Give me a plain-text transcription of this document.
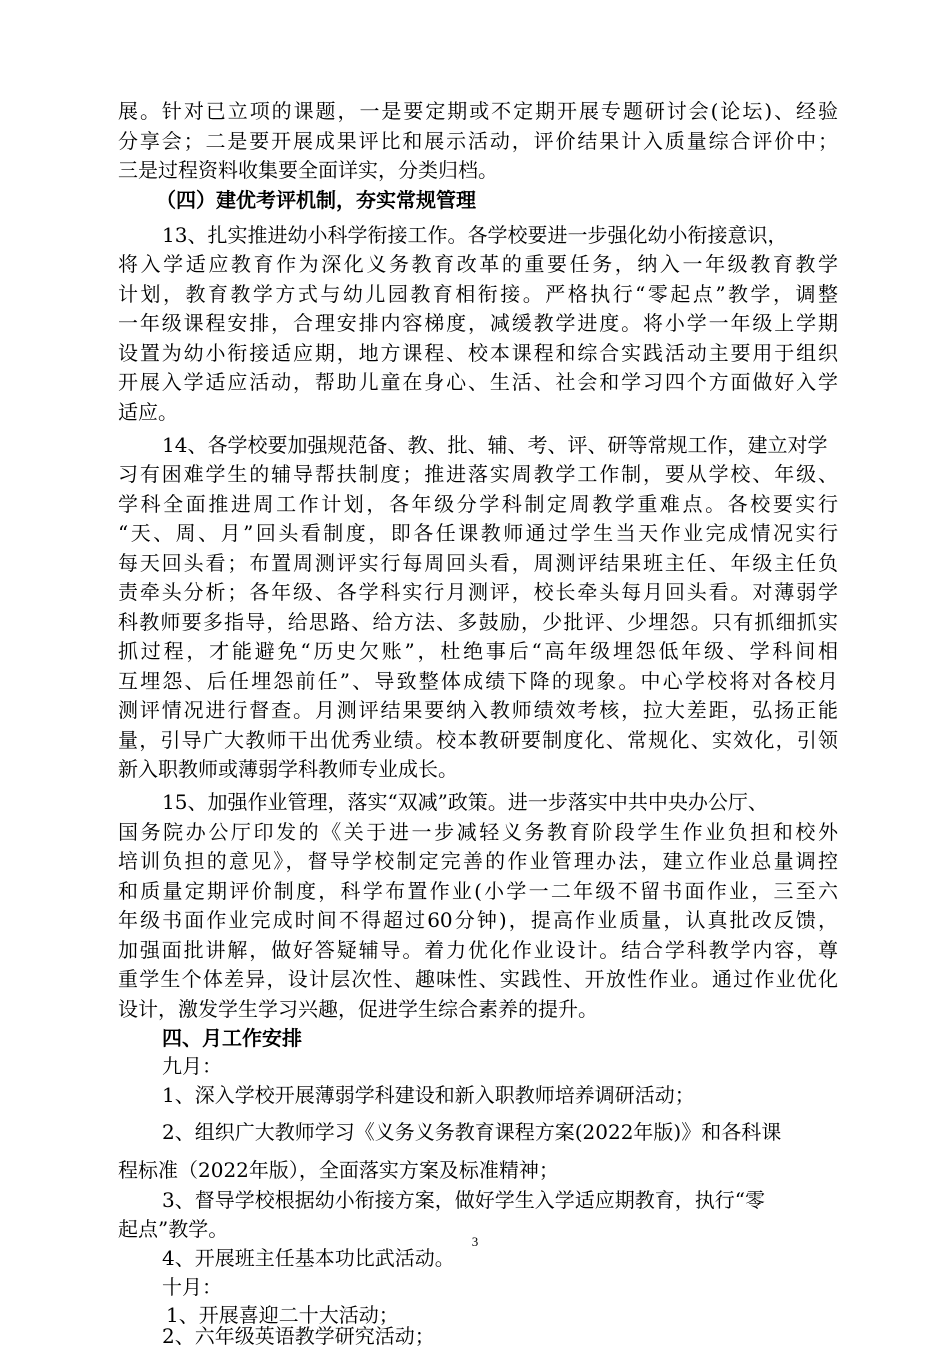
展。针对已立项的课题，一是要定期或不定期开展专题研讨会(论坛)、经验
分享会；二是要开展成果评比和展示活动，评价结果计入质量综合评价中；
三是过程资料收集要全面详实，分类归档。
（四）建优考评机制，夯实常规管理
13、扎实推进幼小科学衔接工作。各学校要进一步强化幼小衔接意识，
将入学适应教育作为深化义务教育改革的重要任务，纳入一年级教育教学
计划，教育教学方式与幼儿园教育相衔接。严格执行“零起点”教学，调整
一年级课程安排，合理安排内容梯度，减缓教学进度。将小学一年级上学期
设置为幼小衔接适应期，地方课程、校本课程和综合实践活动主要用于组织
开展入学适应活动，帮助儿童在身心、生活、社会和学习四个方面做好入学
适应。
14、各学校要加强规范备、教、批、辅、考、评、研等常规工作，建立对学
习有困难学生的辅导帮扶制度；推进落实周教学工作制，要从学校、年级、
学科全面推进周工作计划，各年级分学科制定周教学重难点。各校要实行
“天、周、月”回头看制度，即各任课教师通过学生当天作业完成情况实行
每天回头看；布置周测评实行每周回头看，周测评结果班主任、年级主任负
责牵头分析；各年级、各学科实行月测评，校长牵头每月回头看。对薄弱学
科教师要多指导，给思路、给方法、多鼓励，少批评、少埋怨。只有抓细抓实
抓过程，才能避免“历史欠账”，杜绝事后“高年级埋怨低年级、学科间相
互埋怨、后任埋怨前任”、导致整体成绩下降的现象。中心学校将对各校月
测评情况进行督查。月测评结果要纳入教师绩效考核，拉大差距，弘扬正能
量，引导广大教师干出优秀业绩。校本教研要制度化、常规化、实效化，引领
新入职教师或薄弱学科教师专业成长。
15、加强作业管理，落实“双减”政策。进一步落实中共中央办公厅、
国务院办公厅印发的《关于进一步减轻义务教育阶段学生作业负担和校外
培训负担的意见》，督导学校制定完善的作业管理办法，建立作业总量调控
和质量定期评价制度，科学布置作业(小学一二年级不留书面作业，三至六
年级书面作业完成时间不得超过60分钟)，提高作业质量，认真批改反馈，
加强面批讲解，做好答疑辅导。着力优化作业设计。结合学科教学内容，尊
重学生个体差异，设计层次性、趣味性、实践性、开放性作业。通过作业优化
设计，激发学生学习兴趣，促进学生综合素养的提升。
四、月工作安排
九月：
1、深入学校开展薄弱学科建设和新入职教师培养调研活动；
2、组织广大教师学习《义务义务教育课程方案(2022年版)》和各科课
程标准（2022年版），全面落实方案及标准精神；
3、督导学校根据幼小衔接方案，做好学生入学适应期教育，执行“零
起点”教学。
4、开展班主任基本功比武活动。
十月：
1、开展喜迎二十大活动；
2、六年级英语教学研究活动；
3
